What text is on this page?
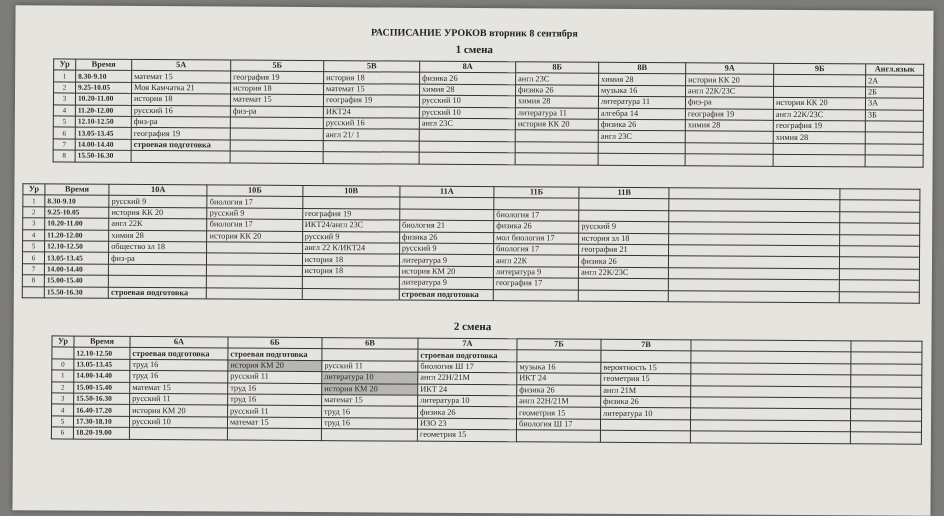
РАСПИСАНИЕ УРОКОВ вторник 8 сентября
1 смена
Ур	Время	5А	5Б	5В	8А	8Б	8В	9А	9Б	Англ.язык
1	8.30-9.10	математ 15	география 19	история 18	физика 26	англ 23С	химия 28	история КК 20		2А
2	9.25-10.05	Моя Камчатка 21	история 18	математ 15	химия 28	физика 26	музыка 16	англ 22К/23С		2Б
3	10.20-11.00	история 18	математ 15	география 19	русский 10	химия 28	литература 11	физ-ра	история КК 20	3А
4	11.20-12.00	русский 16	физ-ра	ИКТ24	русский 10	литература 11	алгебра 14	география 19	англ 22К/23С	3Б
5	12.10-12.50	физ-ра		русский 16	англ 23С	история КК 20	физика 26	химия 28	география 19	
6	13.05-13.45	география 19		англ 21/ 1			англ 23С		химия 28	
7	14.00-14.40	строевая подготовка								
8	15.50-16.30									
Ур	Время	10А	10Б	10В	11А	11Б	11В		
1	8.30-9.10	русский 9	биология 17						
2	9.25-10.05	история КК 20	русский 9	география 19		биология 17			
3	10.20-11.00	англ 22К	биология 17	ИКТ24/англ 23С	биология 21	физика 26	русский 9		
4	11.20-12.00	химия 28	история КК 20	русский 9	физика 26	мол биология 17	история зл 18		
5	12.10-12.50	общество зл 18		англ 22 К/ИКТ24	русский 9	биология 17	география 21		
6	13.05-13.45	физ-ра		история 18	литература 9	англ 22К	физика 26		
7	14.00-14.40			история 18	история КМ 20	литература 9	англ 22К/23С		
8	15.00-15.40				литература 9	география 17			
	15.50-16.30	строевая подготовка			строевая подготовка				
2 смена
Ур	Время	6А	6Б	6В	7А	7Б	7В		
	12.10-12.50	строевая подготовка	строевая подготовка		строевая подготовка				
0	13.05-13.45	труд 16	история КМ 20	русский 11	биология Ш 17	музыка 16	вероятность 15		
1	14.00-14.40	труд 16	русский 11	литература 10	англ 22Н/21М	ИКТ 24	геометрия 15		
2	15.00-15.40	математ 15	труд 16	история КМ 20	ИКТ 24	физика 26	англ 21М		
3	15.50-16.30	русский 11	труд 16	математ 15	литература 10	англ 22Н/21М	физика 26		
4	16.40-17.20	история КМ 20	русский 11	труд 16	физика 26	геометрия 15	литература 10		
5	17.30-18.10	русский 10	математ 15	труд 16	ИЗО 23	биология Ш 17			
6	18.20-19.00				геометрия 15				
